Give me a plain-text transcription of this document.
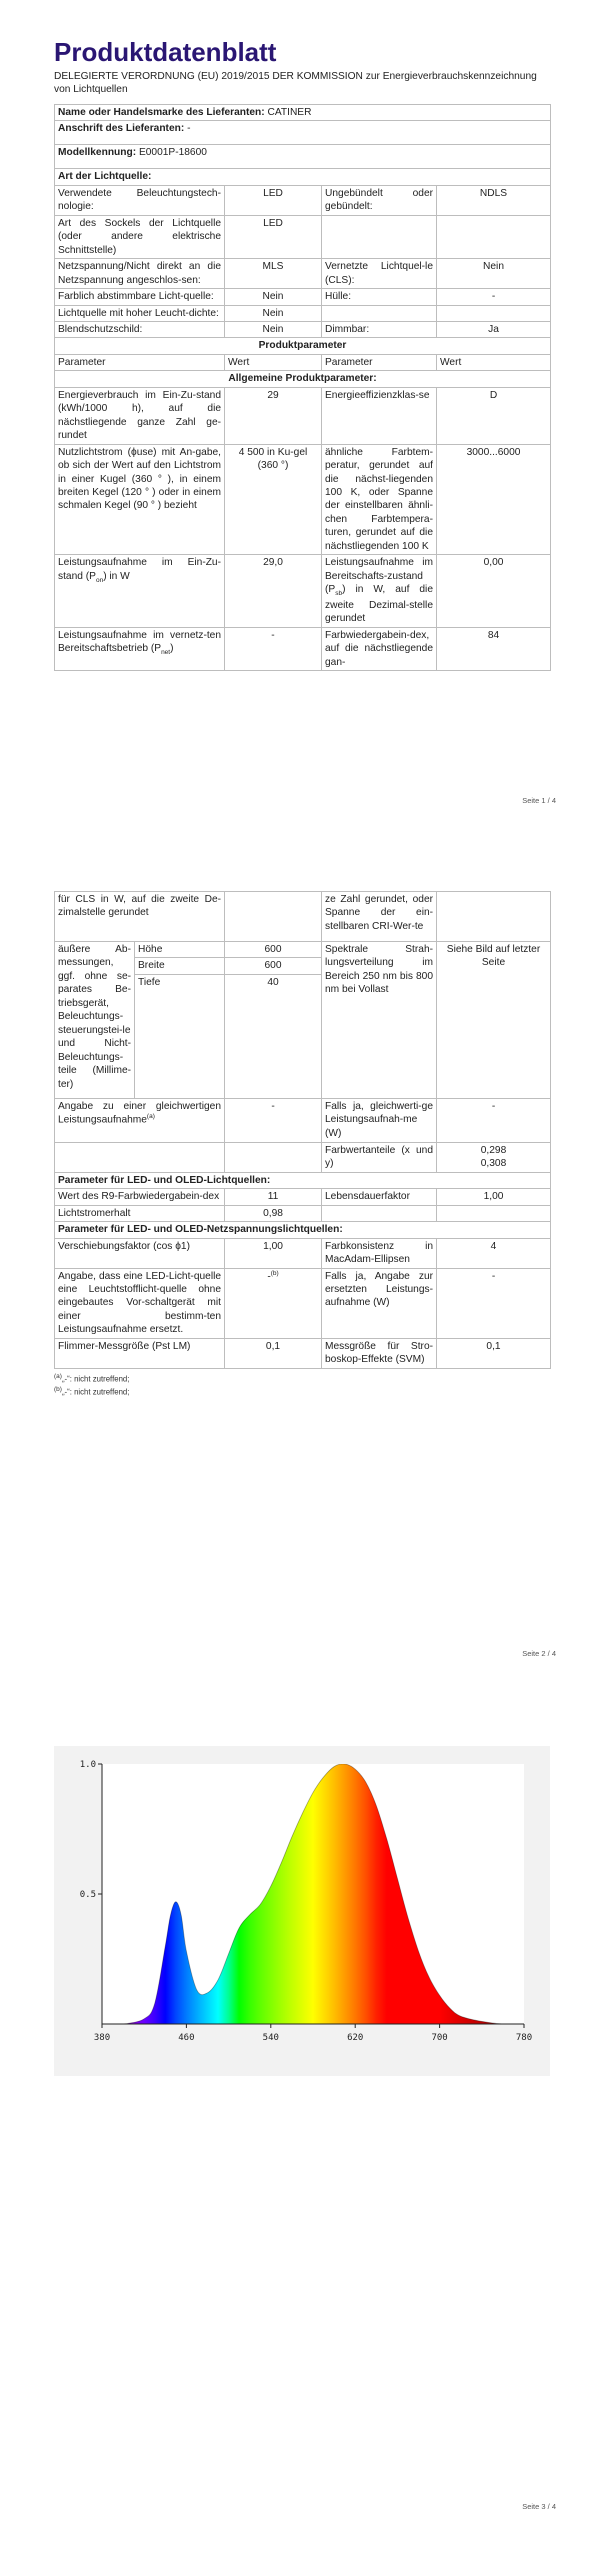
Produktdatenblatt
DELEGIERTE VERORDNUNG (EU) 2019/2015 DER KOMMISSION zur Energieverbrauchskennzeichnung von Lichtquellen
Name oder Handelsmarke des Lieferanten: CATINER			
Anschrift des Lieferanten: -			
Modellkennung: E0001P-18600			
Art der Lichtquelle:			
Verwendete Beleuchtungstech-nologie:	LED	Ungebündelt oder gebündelt:	NDLS
Art des Sockels der Lichtquelle (oder andere elektrische Schnittstelle)	LED		
Netzspannung/Nicht direkt an die Netzspannung angeschlos-sen:	MLS	Vernetzte Lichtquel-le (CLS):	Nein
Farblich abstimmbare Licht-quelle:	Nein	Hülle:	-
Lichtquelle mit hoher Leucht-dichte:	Nein		
Blendschutzschild:	Nein	Dimmbar:	Ja
Produktparameter			
Parameter	Wert	Parameter	Wert
Allgemeine Produktparameter:			
Energieverbrauch im Ein-Zu-stand (kWh/1000 h), auf die nächstliegende ganze Zahl ge-rundet	29	Energieeffizienzklas-se	D
Nutzlichtstrom (ϕuse) mit An-gabe, ob sich der Wert auf den Lichtstrom in einer Kugel (360 ° ), in einem breiten Kegel (120 ° ) oder in einem schmalen Kegel (90 ° ) bezieht	4 500 in Ku-gel (360 °)	ähnliche Farbtem-peratur, gerundet auf die nächst-liegenden 100 K, oder Spanne der einstellbaren ähnli-chen Farbtempera-turen, gerundet auf die nächstliegenden 100 K	3000...6000
Leistungsaufnahme im Ein-Zu-stand $(P_{on})$ in W	29,0	Leistungsaufnahme im Bereitschafts-zustand $(P_{sb})$ in W, auf die zweite Dezimal-stelle gerundet	0,00
Leistungsaufnahme im vernetz-ten Bereitschaftsbetrieb $(P_{net})$	-	Farbwiedergabein-dex, auf die nächstliegende gan-	84
Seite 1 / 4
für CLS in W, auf die zweite De-zimalstelle gerundet			ze Zahl gerundet, oder Spanne der ein-stellbaren CRI-Wer-te	
äußere Ab-messungen, ggf. ohne se-parates Be-triebsgerät, Beleuchtungs-steuerungstei-le und Nicht-Beleuchtungs-teile (Millime-ter)	Höhe	600	Spektrale Strah-lungsverteilung im Bereich 250 nm bis 800 nm bei Vollast	Siehe Bild auf letzter Seite
	Breite	600		
	Tiefe	40		
Angabe zu einer gleichwertigen Leistungsaufnahme$^{(a)}$		-	Falls ja, gleichwerti-ge Leistungsaufnah-me (W)	-
			Farbwertanteile (x und y)	0,298
0,308
Parameter für LED- und OLED-Lichtquellen:				
Wert des R9-Farbwiedergabein-dex		11	Lebensdauerfaktor	1,00
Lichtstromerhalt		0,98		
Parameter für LED- und OLED-Netzspannungslichtquellen:				
Verschiebungsfaktor (cos ϕ1)		1,00	Farbkonsistenz in MacAdam-Ellipsen	4
Angabe, dass eine LED-Licht-quelle eine Leuchtstofflicht-quelle ohne eingebautes Vor-schaltgerät mit einer bestimm-ten Leistungsaufnahme ersetzt.		-$^{(b)}$	Falls ja, Angabe zur ersetzten Leistungs-aufnahme (W)	-
Flimmer-Messgröße (Pst LM)		0,1	Messgröße für Stro-boskop-Effekte (SVM)	0,1
$^{(a)}$„-“: nicht zutreffend;
$^{(b)}$„-“: nicht zutreffend;
Seite 2 / 4
380	460	540	620	700	780
0.5
1.0
Seite 3 / 4
